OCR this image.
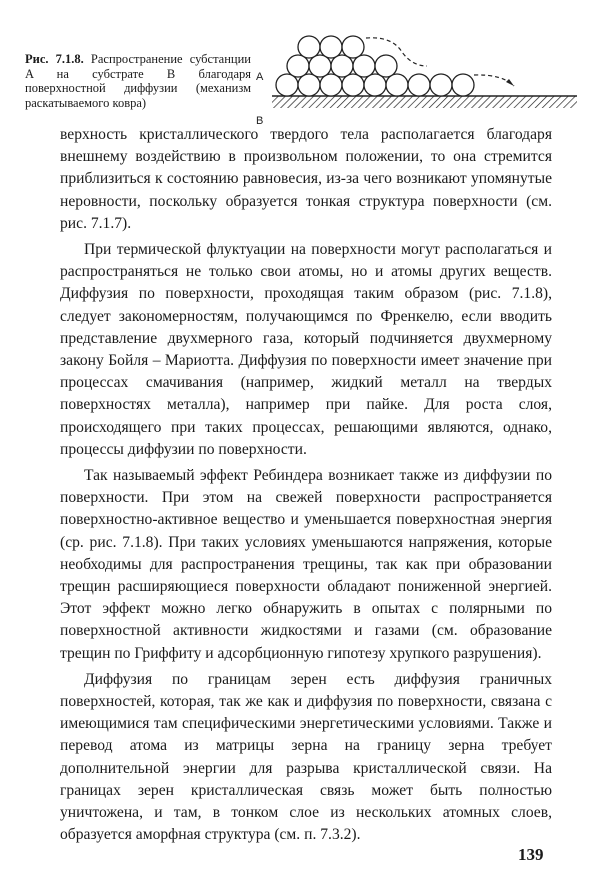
Рис. 7.1.8. Распространение субстанции A на субстрате B благодаря поверхностной диффузии (механизм раскатываемого ковра)
A
B

верхность кристаллического твердого тела располагается благодаря внешнему воздействию в произвольном положении, то она стремится приблизиться к состоянию равновесия, из-за чего возникают упомянутые неровности, поскольку образуется тонкая структура поверхности (см. рис. 7.1.7).

При термической флуктуации на поверхности могут располагаться и распространяться не только свои атомы, но и атомы других веществ. Диффузия по поверхности, проходящая таким образом (рис. 7.1.8), следует закономерностям, получающимся по Френкелю, если вводить представление двухмерного газа, который подчиняется двухмерному закону Бойля – Мариотта. Диффузия по поверхности имеет значение при процессах смачивания (например, жидкий металл на твердых поверхностях металла), например при пайке. Для роста слоя, происходящего при таких процессах, решающими являются, однако, процессы диффузии по поверхности.

Так называемый эффект Ребиндера возникает также из диффузии по поверхности. При этом на свежей поверхности распространяется поверхностно-активное вещество и уменьшается поверхностная энергия (ср. рис. 7.1.8). При таких условиях уменьшаются напряжения, которые необходимы для распространения трещины, так как при образовании трещин расширяющиеся поверхности обладают пониженной энергией. Этот эффект можно легко обнаружить в опытах с полярными по поверхностной активности жидкостями и газами (см. образование трещин по Гриффиту и адсорбционную гипотезу хрупкого разрушения).

Диффузия по границам зерен есть диффузия граничных поверхностей, которая, так же как и диффузия по поверхности, связана с имеющимися там специфическими энергетическими условиями. Также и перевод атома из матрицы зерна на границу зерна требует дополнительной энергии для разрыва кристаллической связи. На границах зерен кристаллическая связь может быть полностью уничтожена, и там, в тонком слое из нескольких атомных слоев, образуется аморфная структура (см. п. 7.3.2).

139
